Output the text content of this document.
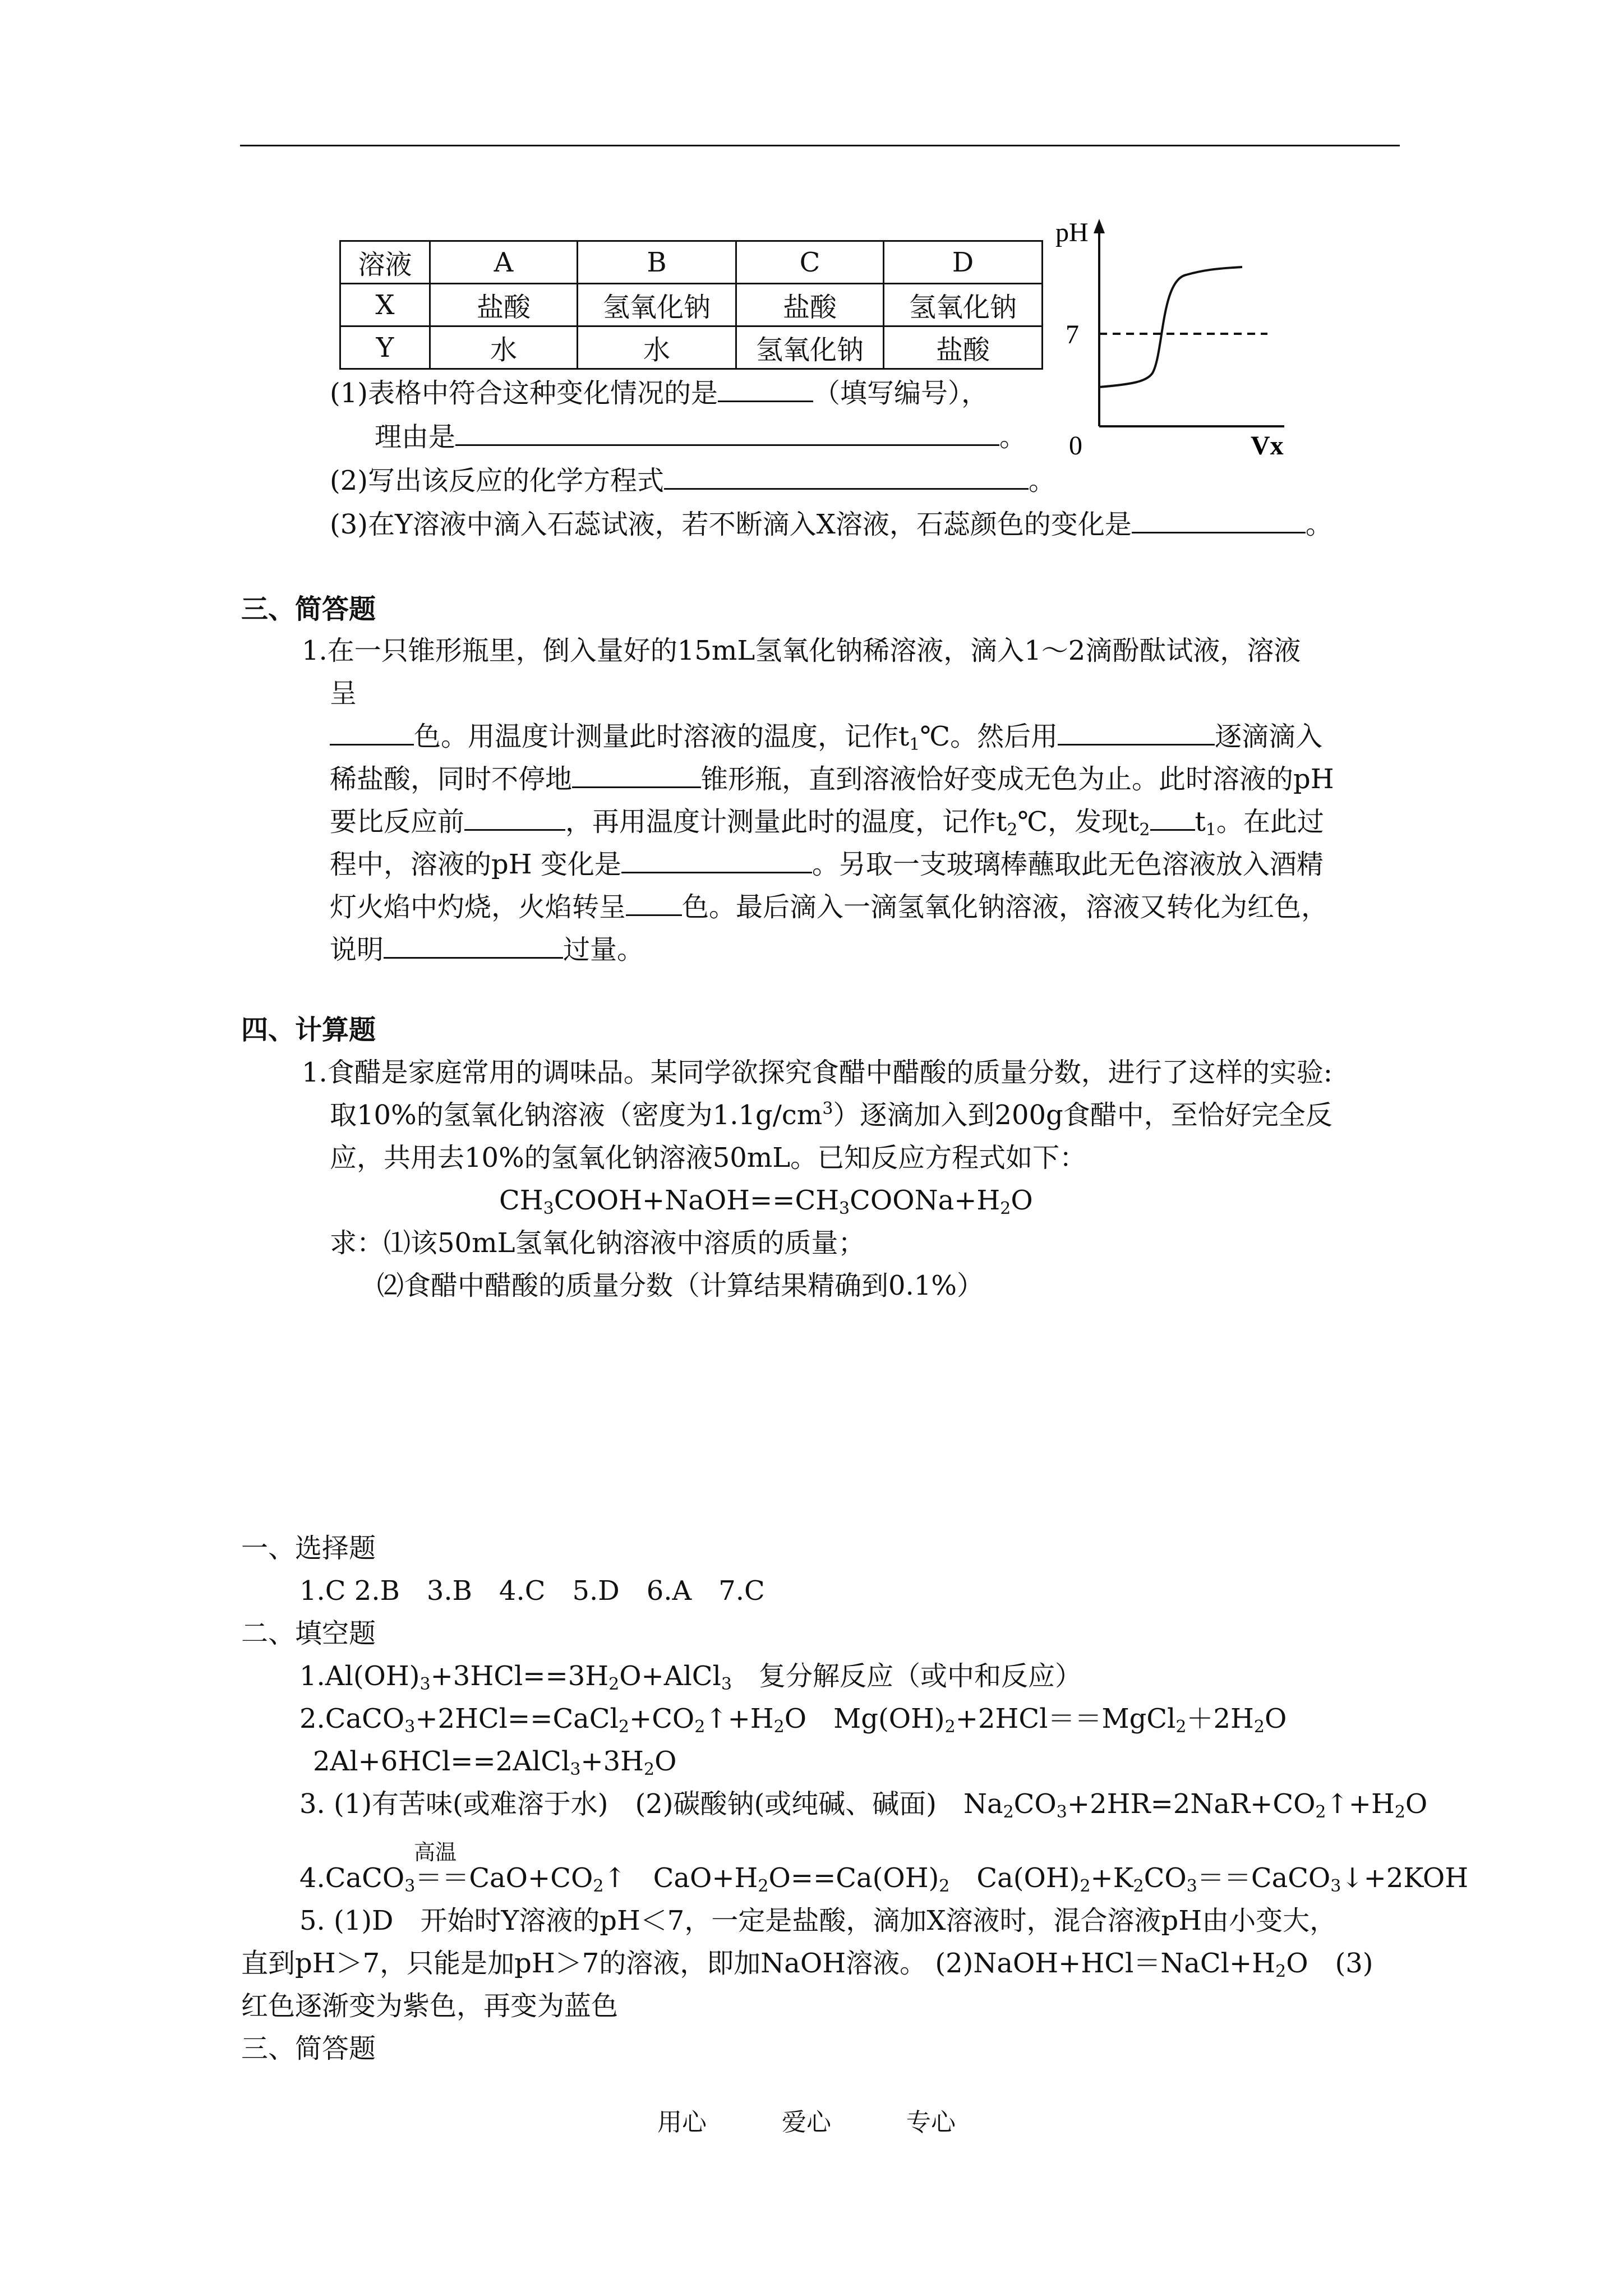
溶液	A	B	C	D
X	盐酸	氢氧化钠	盐酸	氢氧化钠
Y	水	水	氢氧化钠	盐酸
pH
7
0	Vx
(1)表格中符合这种变化情况的是	（填写编号），
理由是	。
(2)写出该反应的化学方程式	。
(3)在Y溶液中滴入石蕊试液，若不断滴入X溶液，石蕊颜色的变化是	。
三、简答题
1.在一只锥形瓶里，倒入量好的15mL氢氧化钠稀溶液，滴入1～2滴酚酞试液，溶液
呈
色。用温度计测量此时溶液的温度，记作$t_1℃$。然后用	逐滴滴入
稀盐酸，同时不停地	锥形瓶，直到溶液恰好变成无色为止。此时溶液的pH
要比反应前	，再用温度计测量此时的温度，记作$t_2℃$，发现$t_2$ $t_1$。在此过
程中，溶液的pH 变化是	。另取一支玻璃棒蘸取此无色溶液放入酒精
灯火焰中灼烧，火焰转呈 色。最后滴入一滴氢氧化钠溶液，溶液又转化为红色，
说明	过量。
四、计算题
1.食醋是家庭常用的调味品。某同学欲探究食醋中醋酸的质量分数，进行了这样的实验:
取10%的氢氧化钠溶液（密度为$1.1g/cm^3$）逐滴加入到200g食醋中，至恰好完全反
应，共用去10%的氢氧化钠溶液50mL。已知反应方程式如下：
$CH_3COOH+NaOH==CH_3COONa+H_2O$
求：⑴该50mL氢氧化钠溶液中溶质的质量；
⑵食醋中醋酸的质量分数（计算结果精确到0.1%）
一、选择题
1.C 2.B　3.B　4.C　5.D　6.A　7.C
二、填空题
$1.Al(OH)_3+3HCl==3H_2O+AlCl_3$　复分解反应（或中和反应）
$2.CaCO_3+2HCl==CaCl_2+CO_2↑+H_2O$　$Mg(OH)_2+2HCl==MgCl_2+2H_2O$
$2Al+6HCl==2AlCl_3+3H_2O$
3. (1)有苦味(或难溶于水)　(2)碳酸钠(或纯碱、碱面)　$Na_2CO_3+2HR=2NaR+CO_2↑+H_2O$
高温
$4.CaCO_3==CaO+CO_2↑$　$CaO+H_2O==Ca(OH)_2$　$Ca(OH)_2+K_2CO_3==CaCO_3↓+2KOH$
5. (1)D　开始时Y溶液的pH＜7，一定是盐酸，滴加X溶液时，混合溶液pH由小变大，
直到pH＞7，只能是加pH＞7的溶液，即加NaOH溶液。 $(2)NaOH+HCl=NaCl+H_2O$　(3)
红色逐渐变为紫色，再变为蓝色
三、简答题
用心	爱心	专心
